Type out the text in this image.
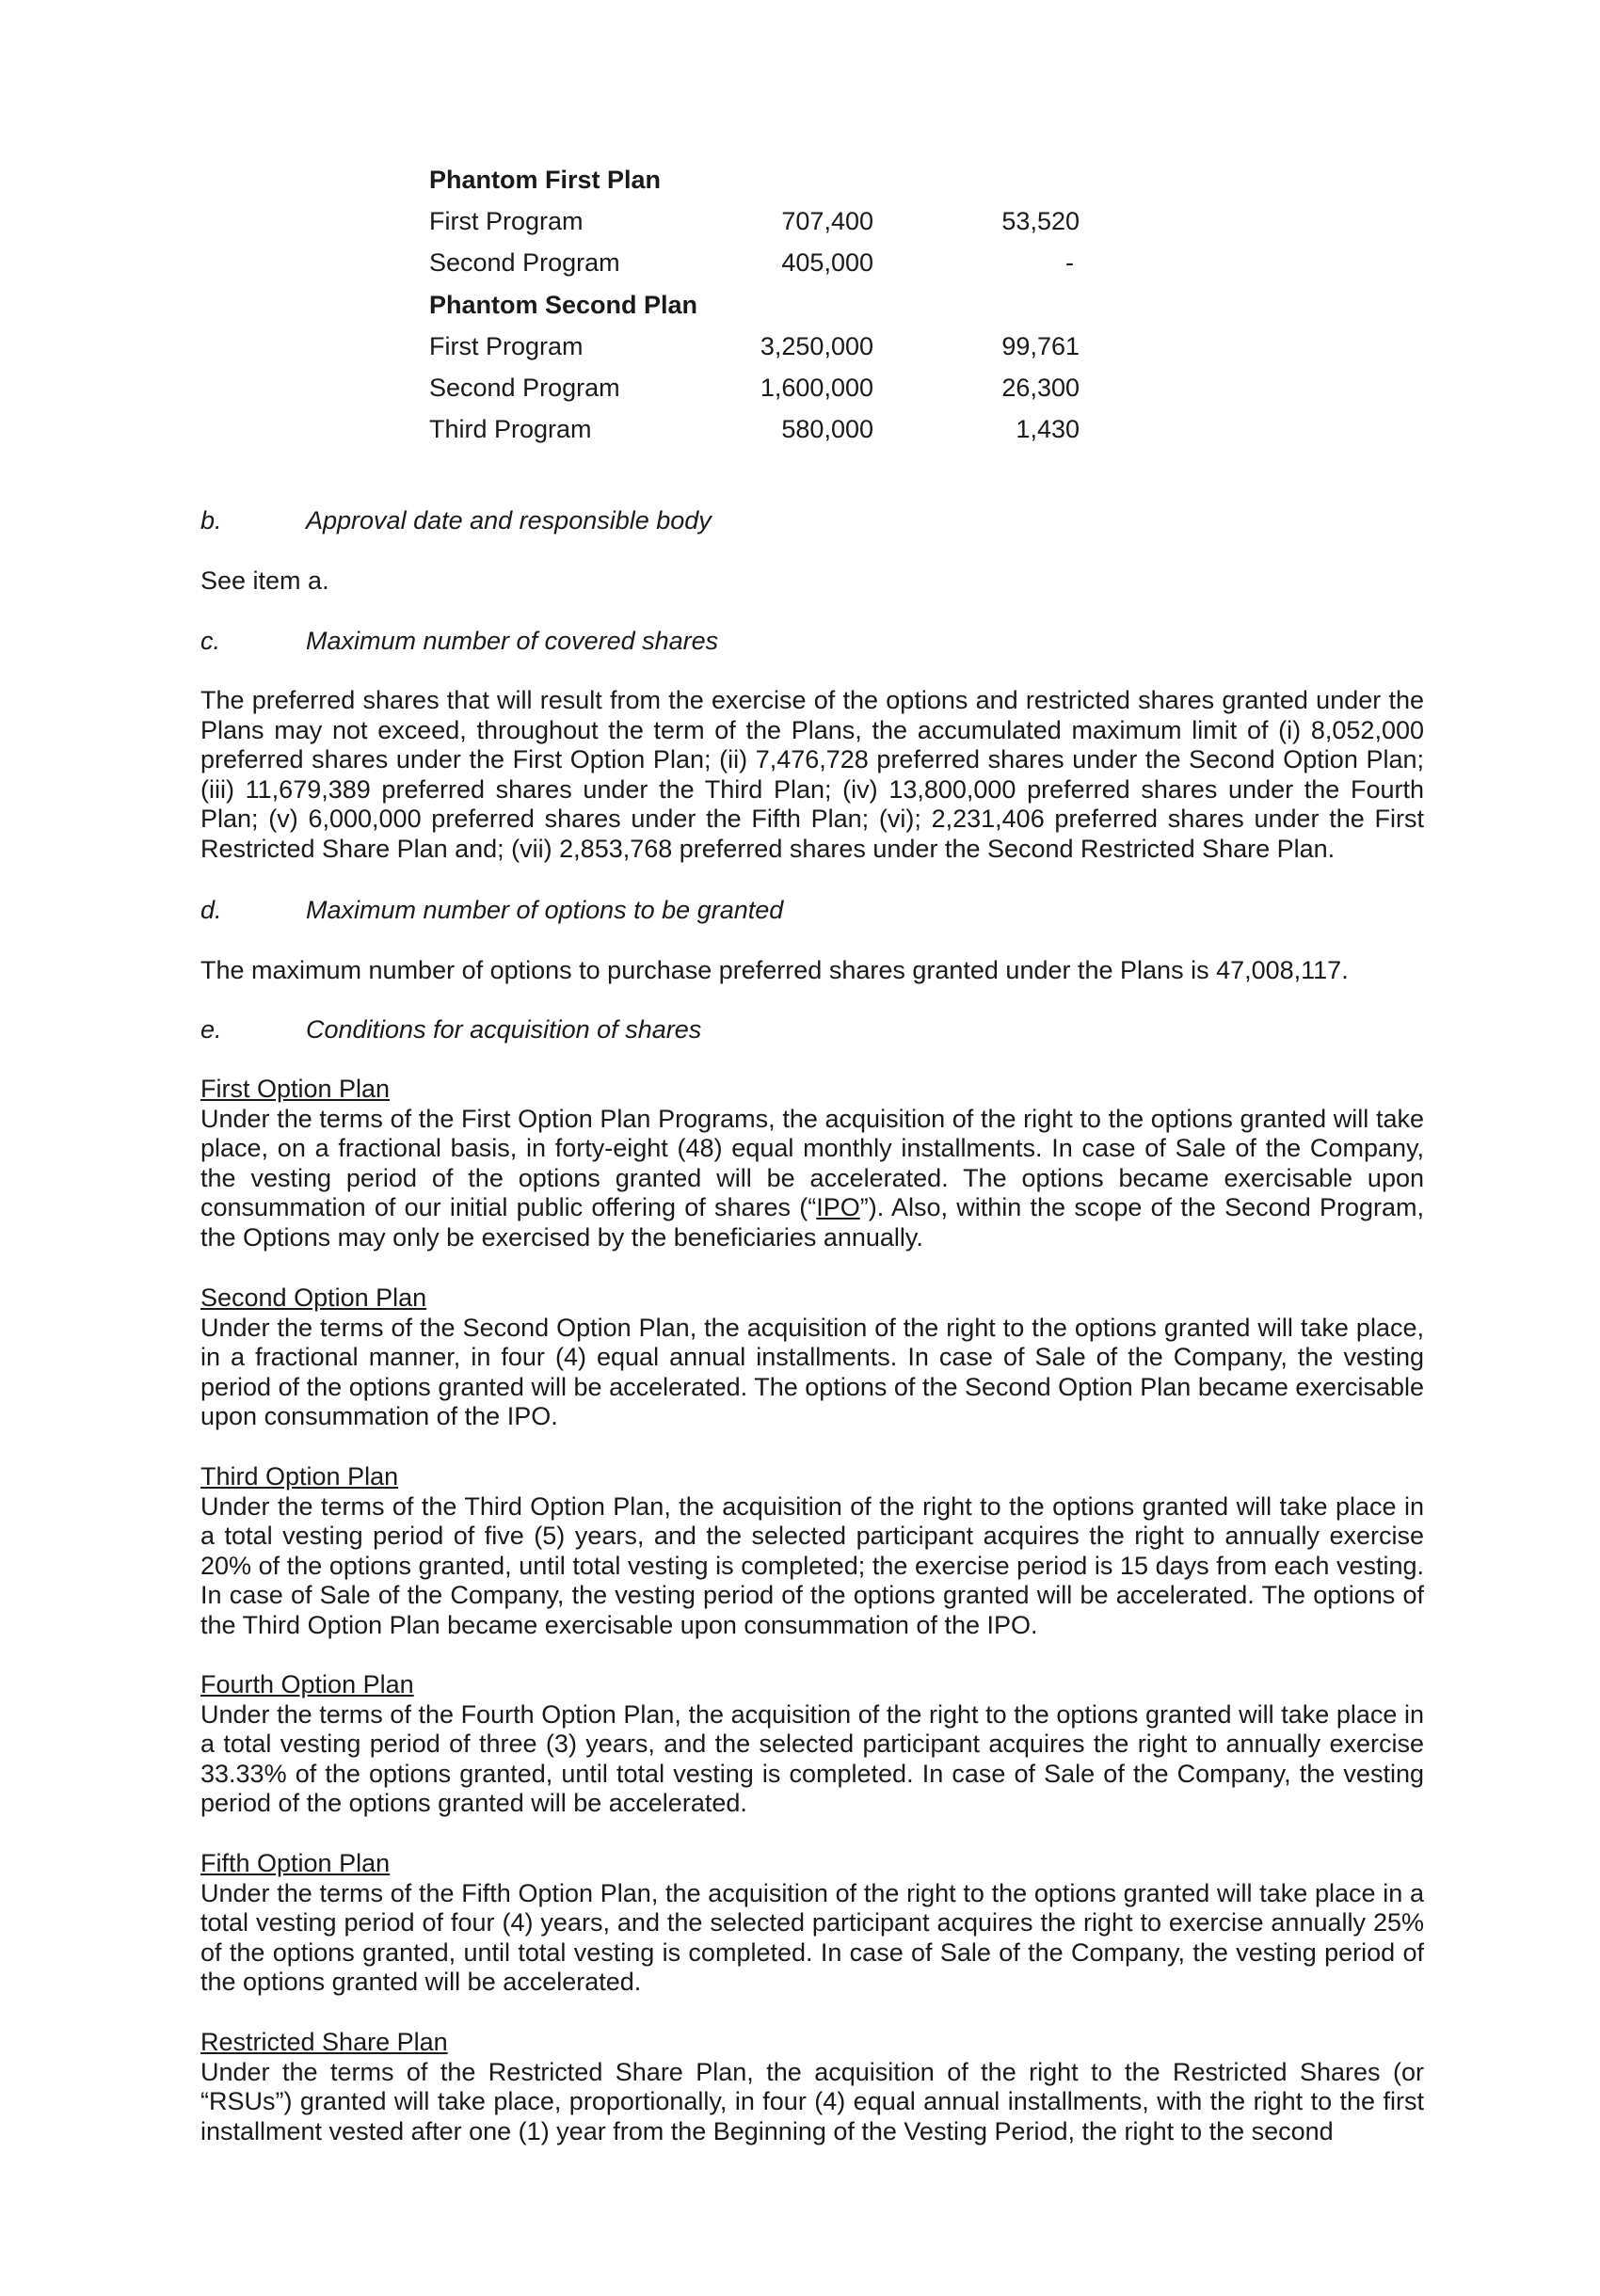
Phantom First Plan
First Program	707,400	53,520
Second Program	405,000	-
Phantom Second Plan
First Program	3,250,000	99,761
Second Program	1,600,000	26,300
Third Program	580,000	1,430
b.	Approval date and responsible body
See item a.
c.	Maximum number of covered shares
The preferred shares that will result from the exercise of the options and restricted shares granted under the Plans may not exceed, throughout the term of the Plans, the accumulated maximum limit of (i) 8,052,000 preferred shares under the First Option Plan; (ii) 7,476,728 preferred shares under the Second Option Plan; (iii) 11,679,389 preferred shares under the Third Plan; (iv) 13,800,000 preferred shares under the Fourth Plan; (v) 6,000,000 preferred shares under the Fifth Plan; (vi); 2,231,406 preferred shares under the First Restricted Share Plan and; (vii) 2,853,768 preferred shares under the Second Restricted Share Plan.
d.	Maximum number of options to be granted
The maximum number of options to purchase preferred shares granted under the Plans is 47,008,117.
e.	Conditions for acquisition of shares
First Option Plan
Under the terms of the First Option Plan Programs, the acquisition of the right to the options granted will take place, on a fractional basis, in forty-eight (48) equal monthly installments. In case of Sale of the Company, the vesting period of the options granted will be accelerated. The options became exercisable upon consummation of our initial public offering of shares (“IPO”). Also, within the scope of the Second Program, the Options may only be exercised by the beneficiaries annually.
Second Option Plan
Under the terms of the Second Option Plan, the acquisition of the right to the options granted will take place, in a fractional manner, in four (4) equal annual installments. In case of Sale of the Company, the vesting period of the options granted will be accelerated. The options of the Second Option Plan became exercisable upon consummation of the IPO.
Third Option Plan
Under the terms of the Third Option Plan, the acquisition of the right to the options granted will take place in a total vesting period of five (5) years, and the selected participant acquires the right to annually exercise 20% of the options granted, until total vesting is completed; the exercise period is 15 days from each vesting. In case of Sale of the Company, the vesting period of the options granted will be accelerated. The options of the Third Option Plan became exercisable upon consummation of the IPO.
Fourth Option Plan
Under the terms of the Fourth Option Plan, the acquisition of the right to the options granted will take place in a total vesting period of three (3) years, and the selected participant acquires the right to annually exercise 33.33% of the options granted, until total vesting is completed. In case of Sale of the Company, the vesting period of the options granted will be accelerated.
Fifth Option Plan
Under the terms of the Fifth Option Plan, the acquisition of the right to the options granted will take place in a total vesting period of four (4) years, and the selected participant acquires the right to exercise annually 25% of the options granted, until total vesting is completed. In case of Sale of the Company, the vesting period of the options granted will be accelerated.
Restricted Share Plan
Under the terms of the Restricted Share Plan, the acquisition of the right to the Restricted Shares (or “RSUs”) granted will take place, proportionally, in four (4) equal annual installments, with the right to the first installment vested after one (1) year from the Beginning of the Vesting Period, the right to the second
